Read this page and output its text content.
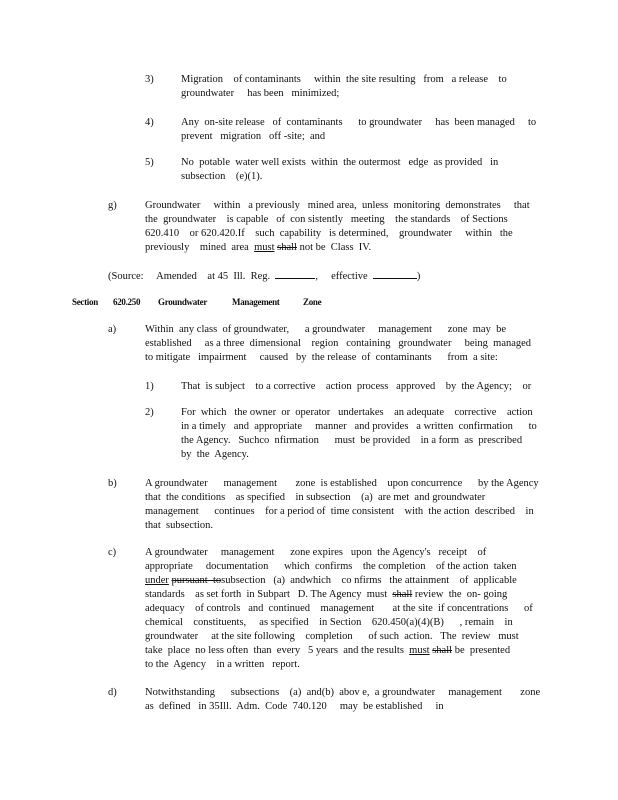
3)	Migration    of contaminants     within  the site resulting   from   a release    to
groundwater     has been   minimized;
4)	Any  on-site release   of  contaminants      to groundwater     has  been managed     to
prevent   migration   off -site;  and
5)	No  potable  water well exists  within  the outermost   edge  as provided   in
subsection    (e)(1).
g)	Groundwater     within   a previously   mined area,  unless  monitoring  demonstrates     that
the  groundwater    is capable   of  con sistently   meeting    the standards    of Sections
620.410    or 620.420.If    such  capability   is determined,    groundwater     within   the
previously    mined  area  must shall not be  Class  IV.
(Source:     Amended    at 45  Ill.  Reg.	,     effective	)
Section 620.250 Groundwater	Management	Zone
a)	Within  any class  of groundwater,      a groundwater     management      zone  may  be
established     as a three  dimensional    region   containing   groundwater     being  managed
to mitigate   impairment     caused   by  the release  of  contaminants      from  a site:
1)	That  is subject    to a corrective    action  process   approved    by  the Agency;    or
2)	For  which   the owner  or  operator   undertakes    an adequate    corrective    action
in a timely   and  appropriate     manner   and provides   a written  confirmation      to
the Agency.   Suchco  nfirmation      must  be provided    in a form  as  prescribed
by  the  Agency.
b)	A groundwater      management       zone  is established    upon concurrence      by the Agency
that  the conditions    as specified    in subsection    (a)  are met  and groundwater
management      continues    for a period of  time consistent    with  the action  described    in
that  subsection.
c)	A groundwater     management      zone expires   upon  the Agency's   receipt    of
appropriate     documentation      which  confirms    the completion    of the action  taken
under pursuant  tosubsection   (a)  andwhich    co nfirms   the attainment    of  applicable
standards    as set forth  in Subpart   D. The Agency  must  shall review  the  on- going
adequacy    of controls   and  continued    management       at the site  if concentrations      of
chemical    constituents,     as specified    in Section    620.450(a)(4)(B)      , remain    in
groundwater     at the site following    completion      of such  action.   The  review   must
take  place  no less often  than  every   5 years  and the results  must shall be  presented
to the  Agency    in a written   report.
d)	Notwithstanding      subsections    (a)  and(b)  abov e,  a groundwater     management       zone
as  defined   in 35Ill.  Adm.  Code  740.120     may  be established     in
